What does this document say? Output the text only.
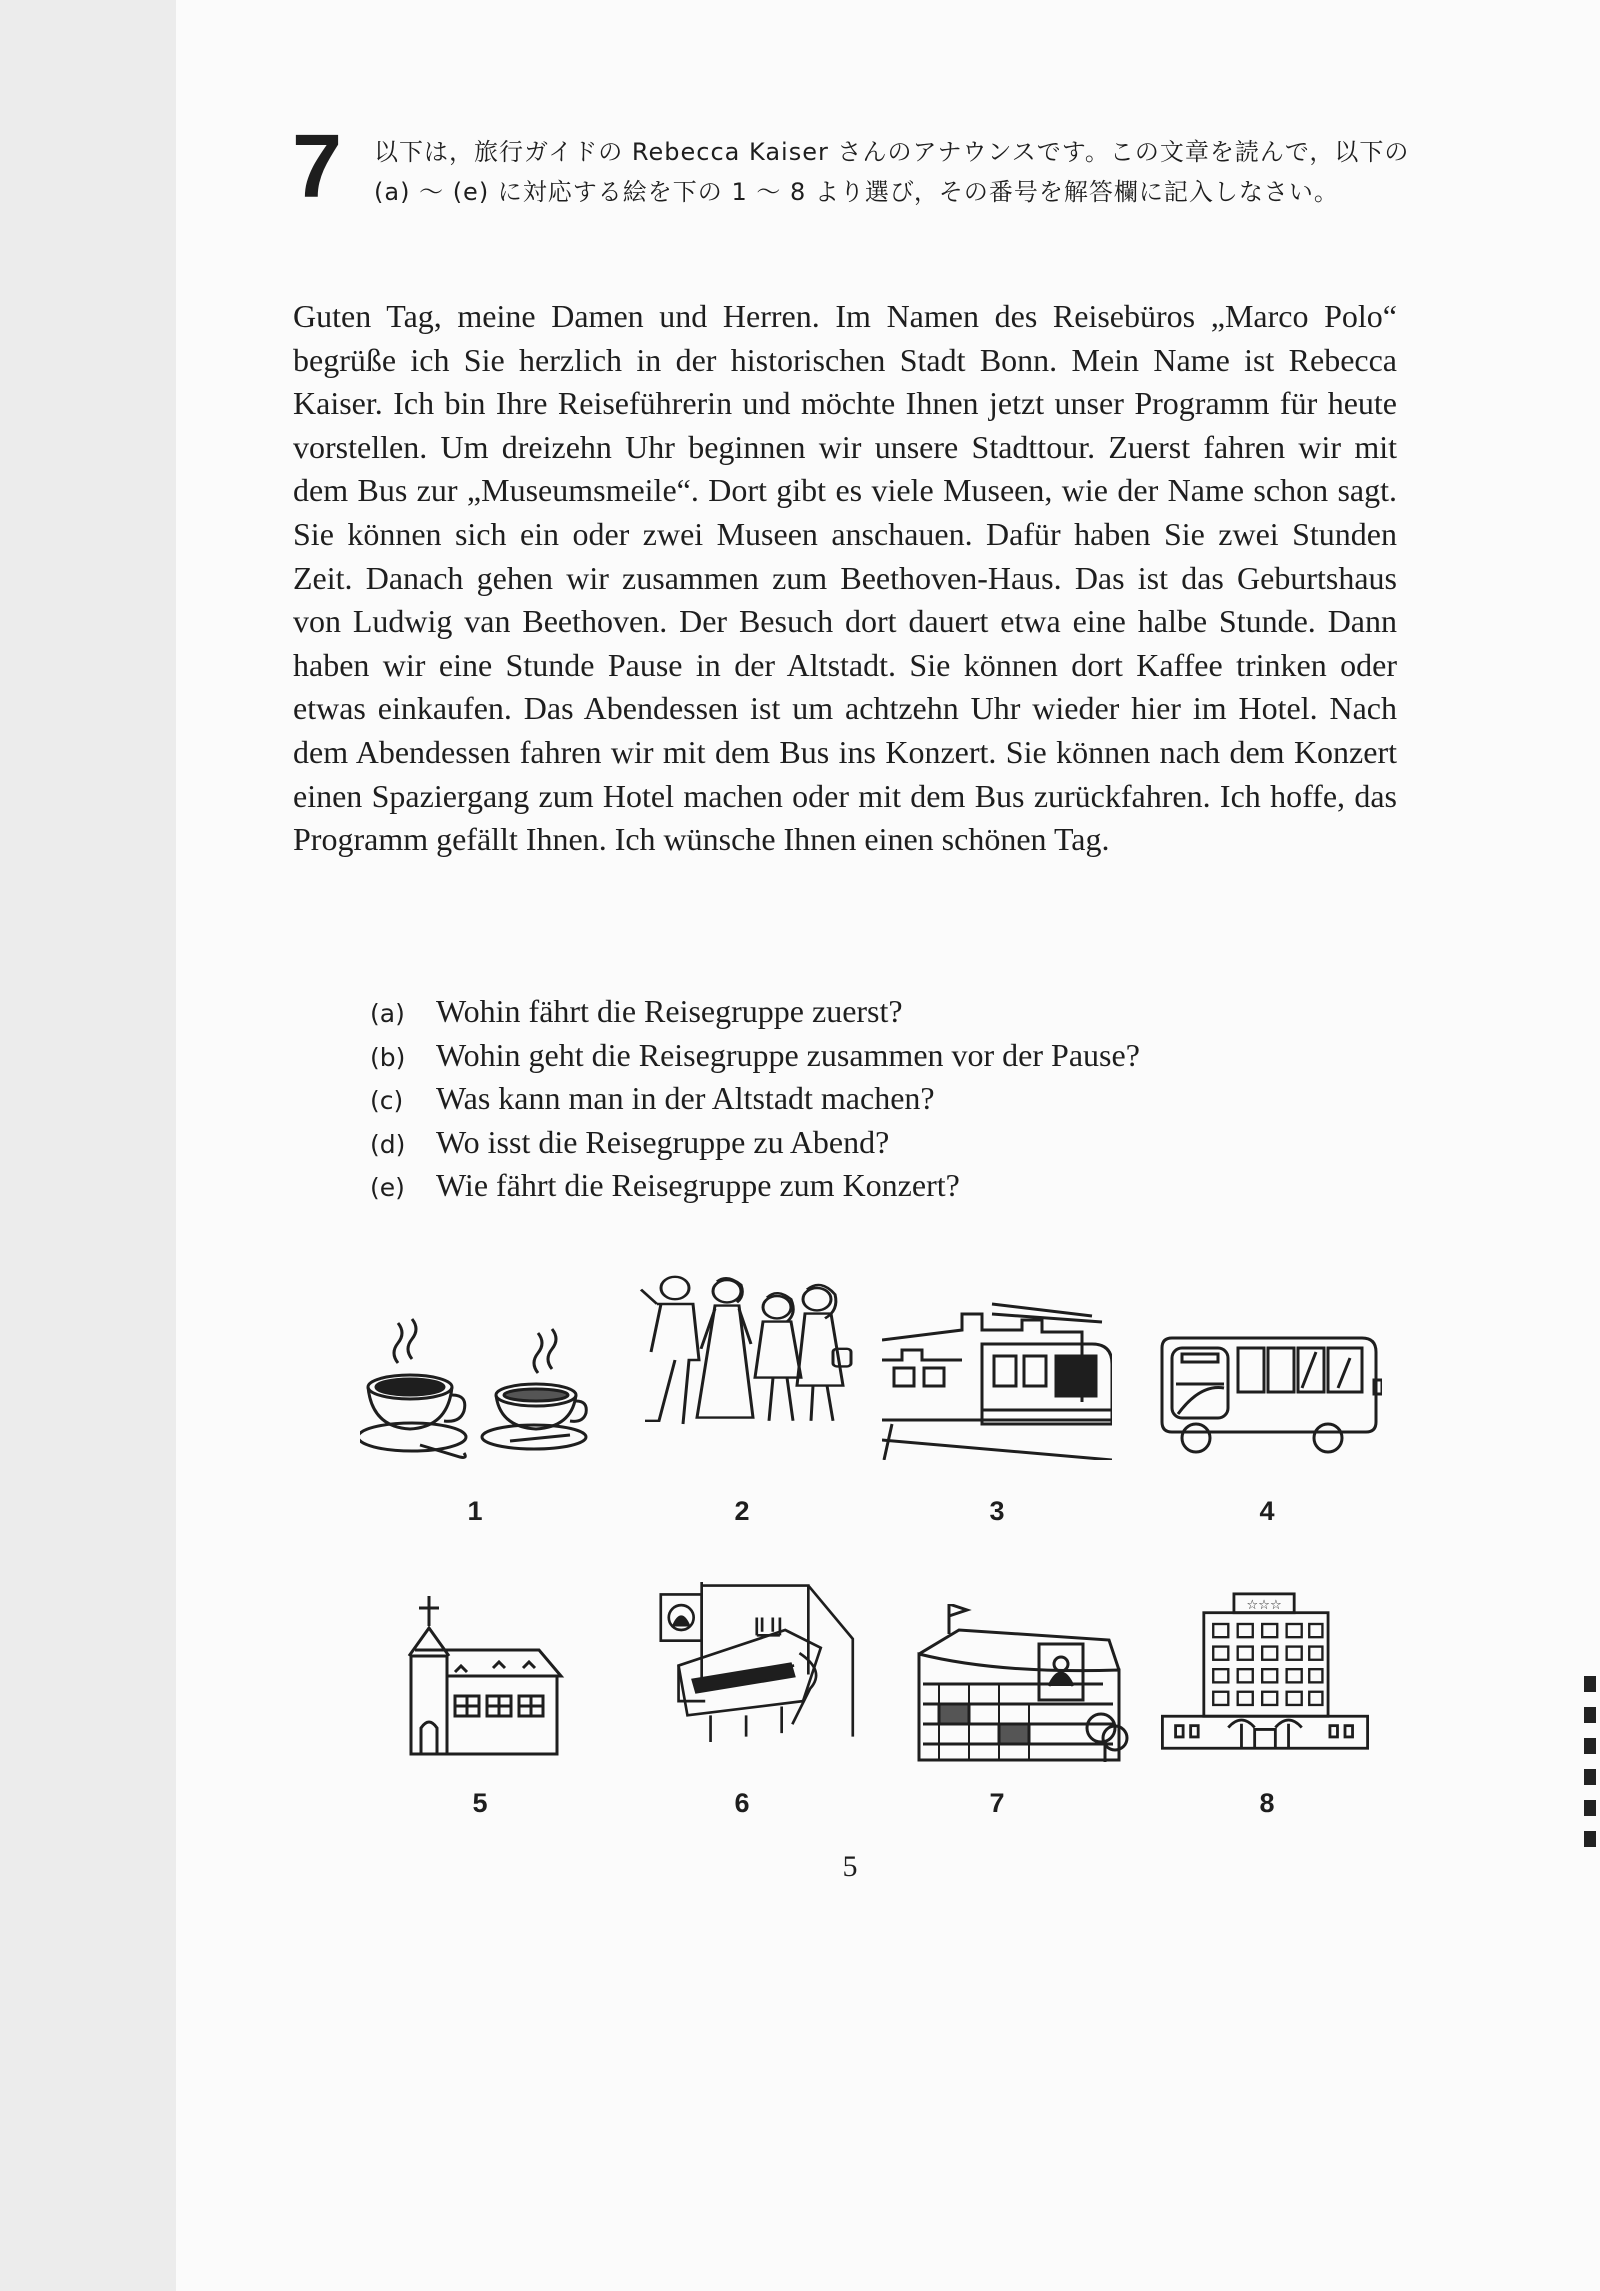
7 以下は，旅行ガイドの Rebecca Kaiser さんのアナウンスです。この文章を読んで，以下の (a) ～ (e) に対応する絵を下の 1 ～ 8 より選び，その番号を解答欄に記入しなさい。
Guten Tag, meine Damen und Herren. Im Namen des Reisebüros „Marco Polo“ begrüße ich Sie herzlich in der historischen Stadt Bonn. Mein Name ist Rebecca Kaiser. Ich bin Ihre Reiseführerin und möchte Ihnen jetzt unser Programm für heute vorstellen. Um dreizehn Uhr beginnen wir unsere Stadttour. Zuerst fahren wir mit dem Bus zur „Museumsmeile“. Dort gibt es viele Museen, wie der Name schon sagt. Sie können sich ein oder zwei Museen anschauen. Dafür haben Sie zwei Stunden Zeit. Danach gehen wir zusammen zum Beethoven-Haus. Das ist das Geburtshaus von Ludwig van Beethoven. Der Besuch dort dauert etwa eine halbe Stunde. Dann haben wir eine Stunde Pause in der Altstadt. Sie können dort Kaffee trinken oder etwas einkaufen. Das Abendessen ist um achtzehn Uhr wieder hier im Hotel. Nach dem Abendessen fahren wir mit dem Bus ins Konzert. Sie können nach dem Konzert einen Spaziergang zum Hotel machen oder mit dem Bus zurückfahren. Ich hoffe, das Programm gefällt Ihnen. Ich wünsche Ihnen einen schönen Tag.
(a) Wohin fährt die Reisegruppe zuerst?
(b) Wohin geht die Reisegruppe zusammen vor der Pause?
(c) Was kann man in der Altstadt machen?
(d) Wo isst die Reisegruppe zu Abend?
(e) Wie fährt die Reisegruppe zum Konzert?
1	2	3	4
5	6	7
☆☆☆
8
5
